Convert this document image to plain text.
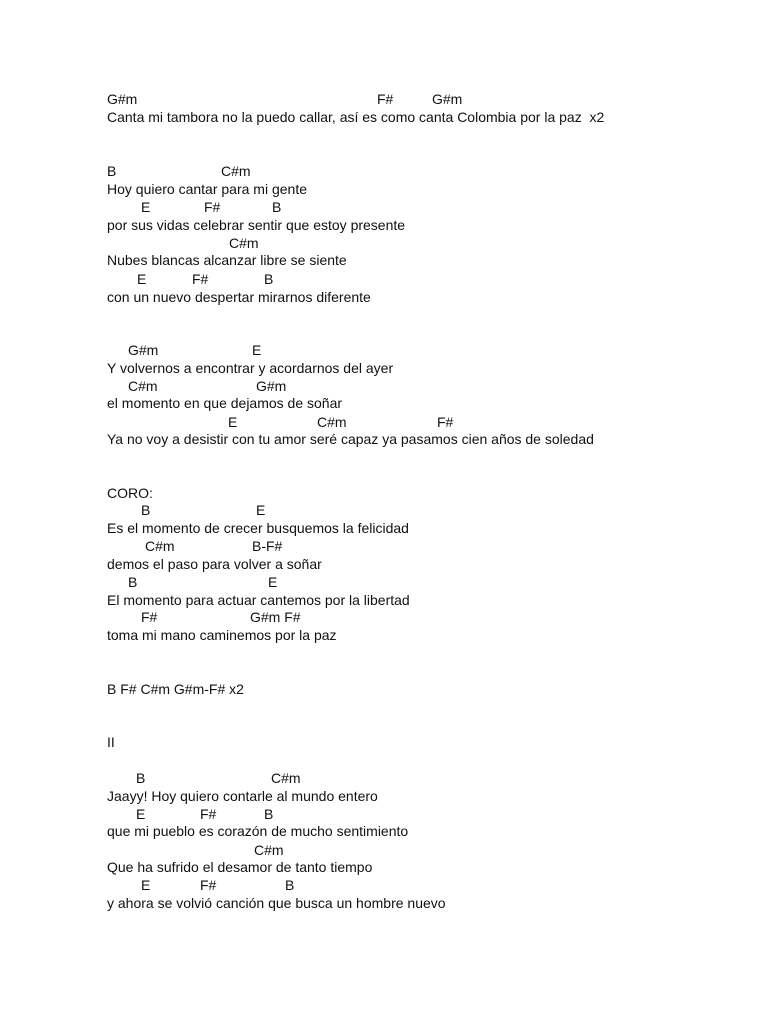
G#m	F#	G#m
Canta mi tambora no la puedo callar, así es como canta Colombia por la paz  x2
B	C#m
Hoy quiero cantar para mi gente
E	F#	B
por sus vidas celebrar sentir que estoy presente
C#m
Nubes blancas alcanzar libre se siente
E	F#	B
con un nuevo despertar mirarnos diferente
G#m	E
Y volvernos a encontrar y acordarnos del ayer
C#m	G#m
el momento en que dejamos de soñar
E	C#m	F#
Ya no voy a desistir con tu amor seré capaz ya pasamos cien años de soledad
CORO:
B	E
Es el momento de crecer busquemos la felicidad
C#m	B-F#
demos el paso para volver a soñar
B	E
El momento para actuar cantemos por la libertad
F#	G#m F#
toma mi mano caminemos por la paz
B F# C#m G#m-F# x2
II
B	C#m
Jaayy! Hoy quiero contarle al mundo entero
E	F#	B
que mi pueblo es corazón de mucho sentimiento
C#m
Que ha sufrido el desamor de tanto tiempo
E	F#	B
y ahora se volvió canción que busca un hombre nuevo
